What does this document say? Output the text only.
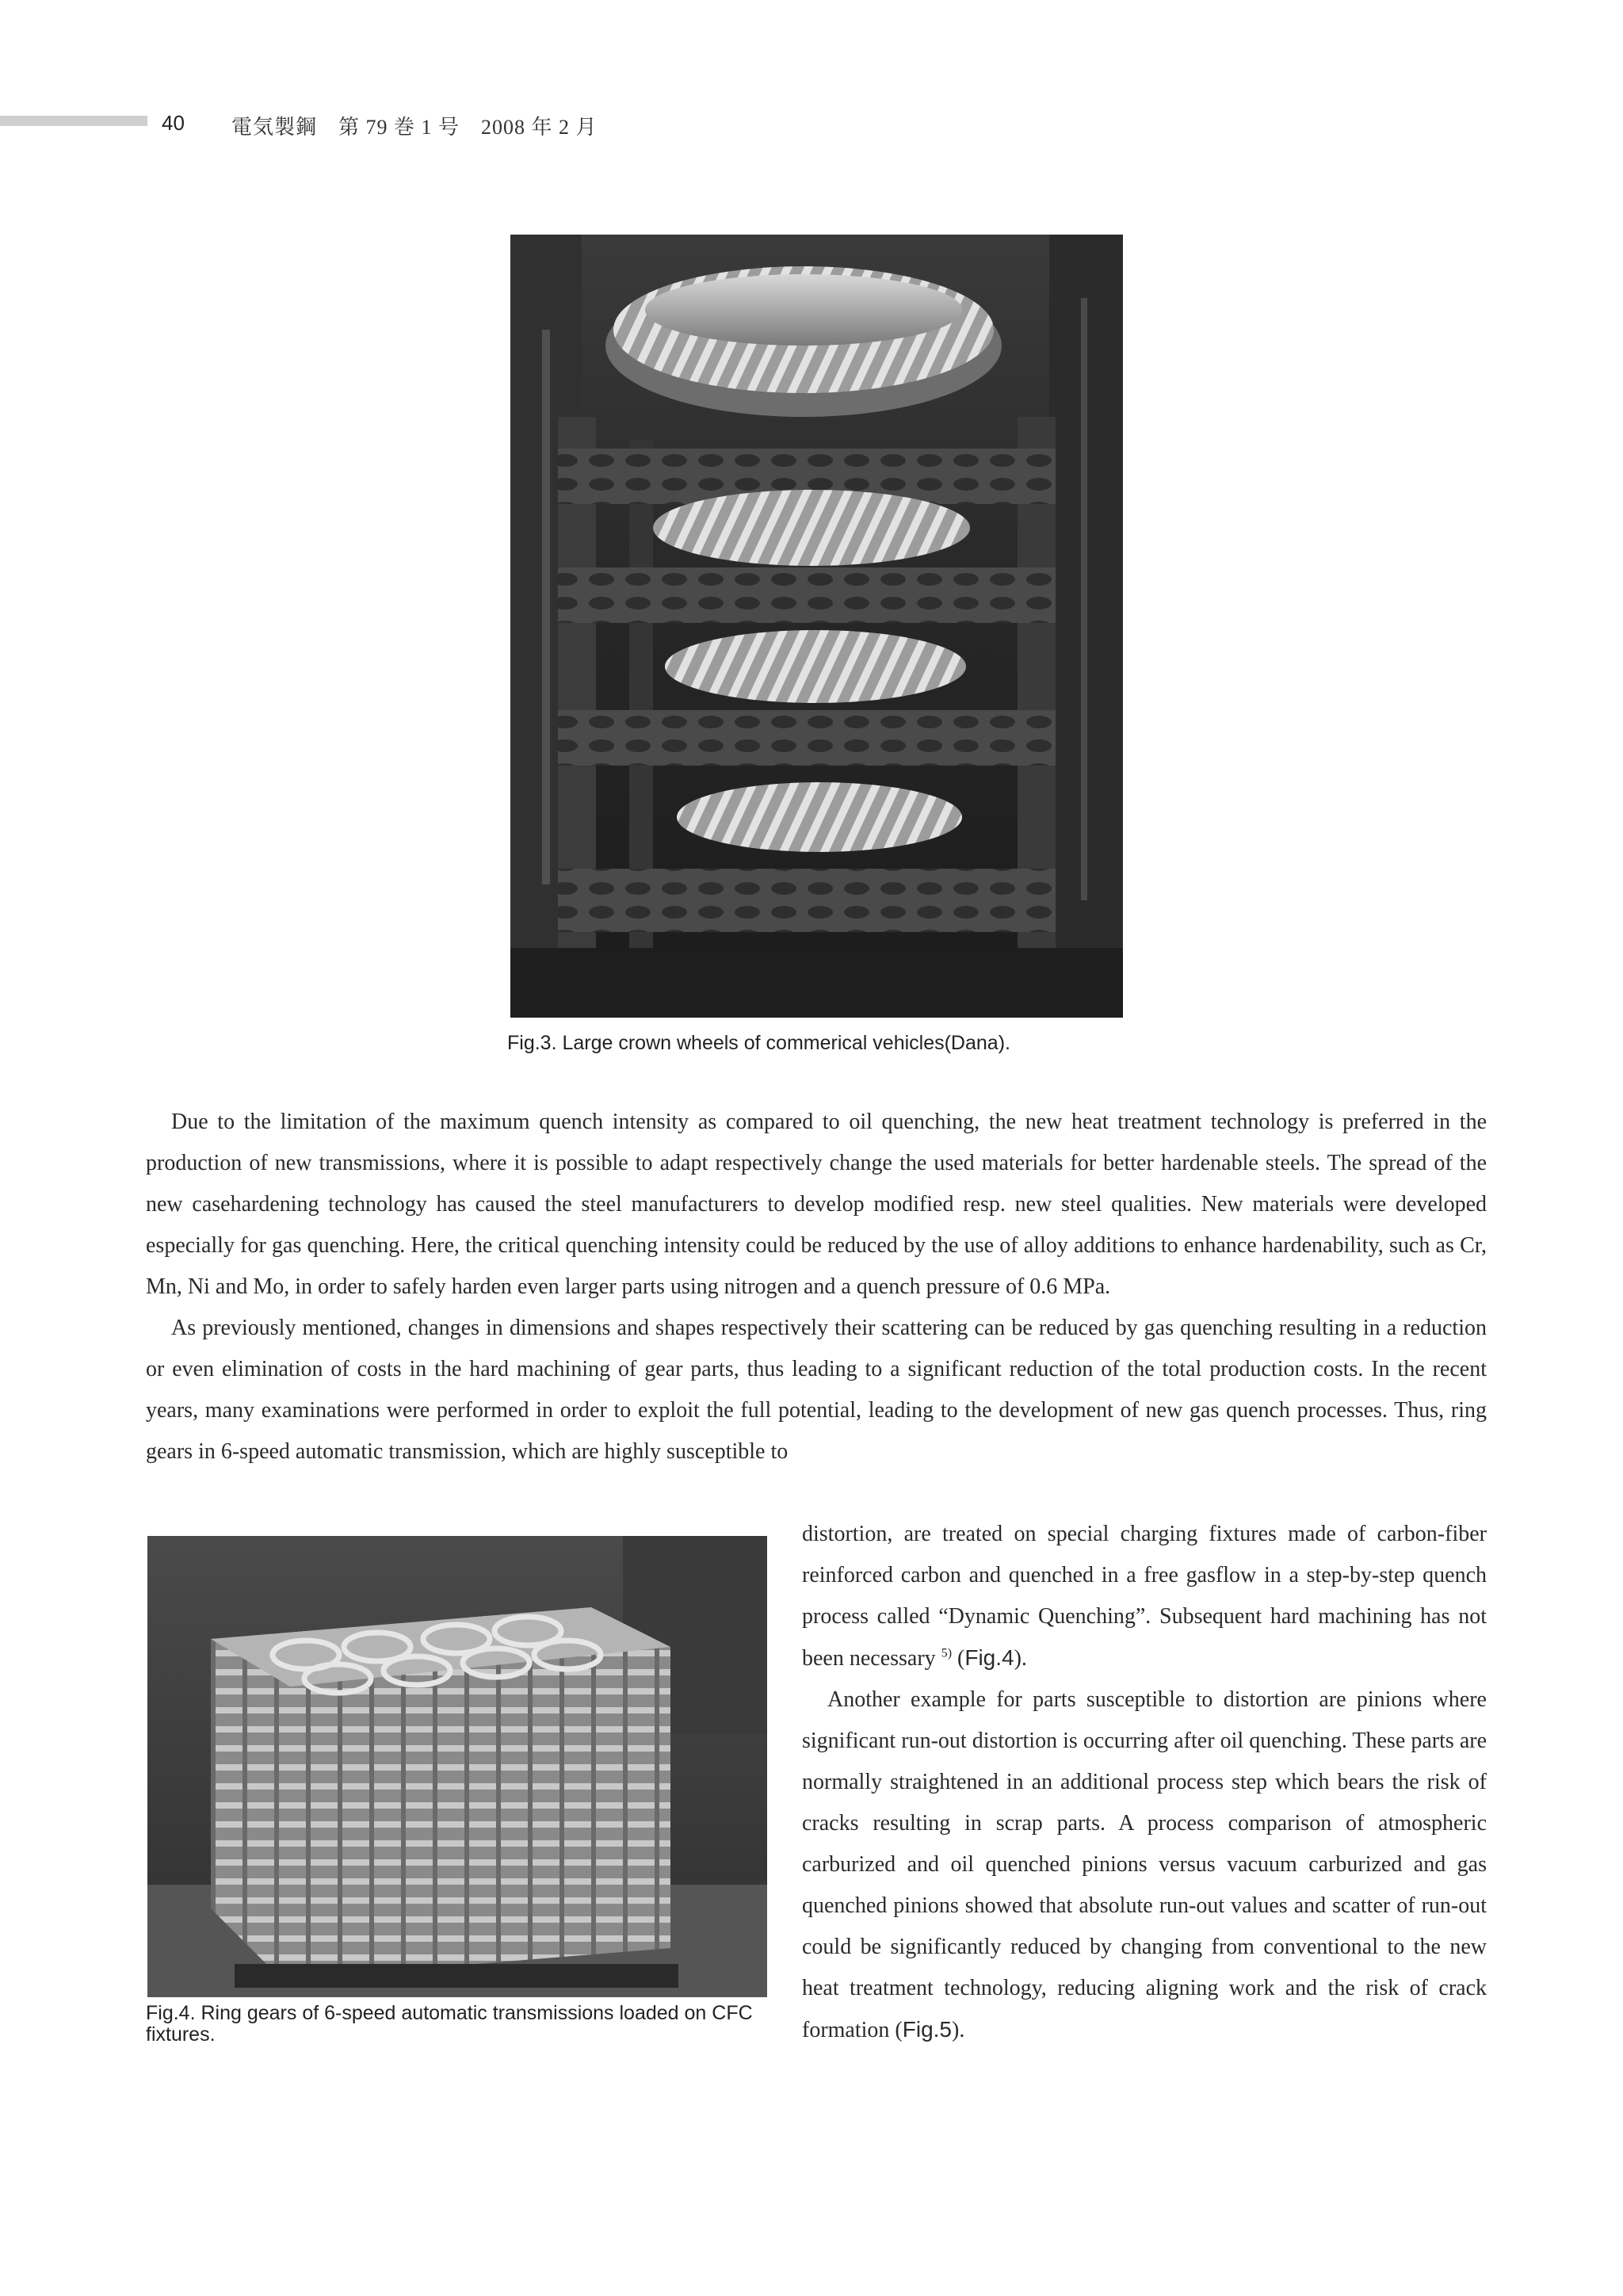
40 電気製鋼　第 79 巻 1 号　2008 年 2 月
Fig.3. Large crown wheels of commerical vehicles(Dana).

Due to the limitation of the maximum quench intensity as compared to oil quenching, the new heat treatment technology is preferred in the production of new transmissions, where it is possible to adapt respectively change the used materials for better hardenable steels. The spread of the new casehardening technology has caused the steel manufacturers to develop modified resp. new steel qualities. New materials were developed especially for gas quenching. Here, the critical quenching intensity could be reduced by the use of alloy additions to enhance hardenability, such as Cr, Mn, Ni and Mo, in order to safely harden even larger parts using nitrogen and a quench pressure of 0.6 MPa.

As previously mentioned, changes in dimensions and shapes respectively their scattering can be reduced by gas quenching resulting in a reduction or even elimination of costs in the hard machining of gear parts, thus leading to a significant reduction of the total production costs. In the recent years, many examinations were performed in order to exploit the full potential, leading to the development of new gas quench processes. Thus, ring gears in 6-speed automatic transmission, which are highly susceptible to

Fig.4. Ring gears of 6-speed automatic transmissions loaded on CFC fixtures.

distortion, are treated on special charging fixtures made of carbon-fiber reinforced carbon and quenched in a free gasflow in a step-by-step quench process called “Dynamic Quenching”. Subsequent hard machining has not been necessary $^{5)}$ (Fig.4).

Another example for parts susceptible to distortion are pinions where significant run-out distortion is occurring after oil quenching. These parts are normally straightened in an additional process step which bears the risk of cracks resulting in scrap parts. A process comparison of atmospheric carburized and oil quenched pinions versus vacuum carburized and gas quenched pinions showed that absolute run-out values and scatter of run-out could be significantly reduced by changing from conventional to the new heat treatment technology, reducing aligning work and the risk of crack formation (Fig.5).
